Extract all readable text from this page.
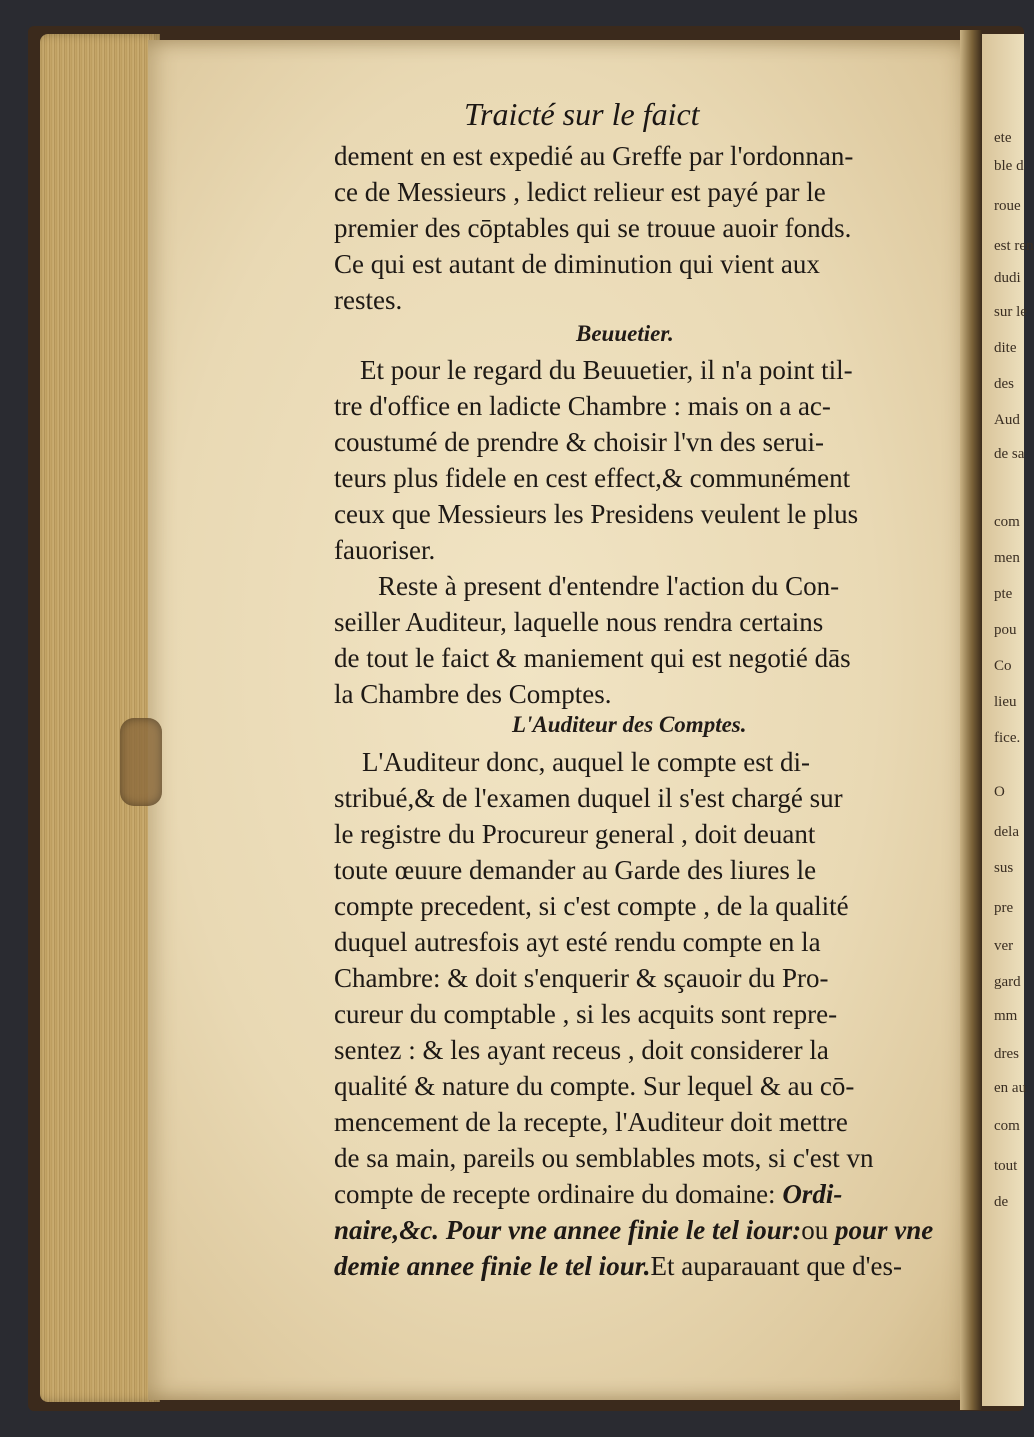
ete
ble d
roue
est ren
dudi
sur le
dite
des
Aud
de sa
com
men
pte
pou
Co
lieu
fice.
O
dela
sus
pre
ver
gard
mm
dres
en au
com
tout
de
Traicté sur le faict
dement en est expedié au Greffe par l'ordonnan-
ce de Messieurs , ledict relieur est payé par le
premier des cōptables qui se trouue auoir fonds.
Ce qui est autant de diminution qui vient aux
restes.
Beuuetier.
Et pour le regard du Beuuetier, il n'a point til-
tre d'office en ladicte Chambre : mais on a ac-
coustumé de prendre & choisir l'vn des serui-
teurs plus fidele en cest effect,& communément
ceux que Messieurs les Presidens veulent le plus
fauoriser.
Reste à present d'entendre l'action du Con-
seiller Auditeur, laquelle nous rendra certains
de tout le faict & maniement qui est negotié dās
la Chambre des Comptes.
L'Auditeur des Comptes.
L'Auditeur donc, auquel le compte est di-
stribué,& de l'examen duquel il s'est chargé sur
le registre du Procureur general , doit deuant
toute œuure demander au Garde des liures le
compte precedent, si c'est compte , de la qualité
duquel autresfois ayt esté rendu compte en la
Chambre: & doit s'enquerir & sçauoir du Pro-
cureur du comptable , si les acquits sont repre-
sentez : & les ayant receus , doit considerer la
qualité & nature du compte. Sur lequel & au cō-
mencement de la recepte, l'Auditeur doit mettre
de sa main, pareils ou semblables mots, si c'est vn
compte de recepte ordinaire du domaine: Ordi-
naire,&c. Pour vne annee finie le tel iour:ou pour vne
demie annee finie le tel iour.Et auparauant que d'es-
